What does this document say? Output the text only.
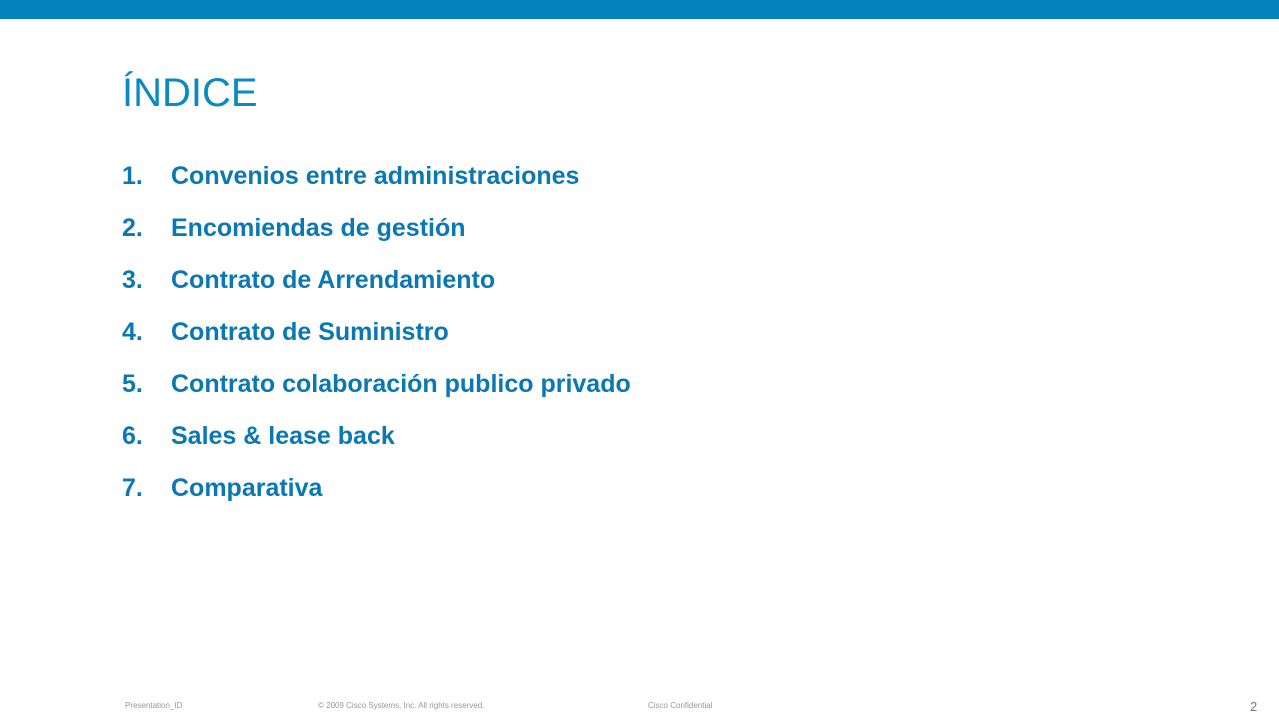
ÍNDICE
1. Convenios entre administraciones
2. Encomiendas de gestión
3. Contrato de Arrendamiento
4. Contrato de Suministro
5. Contrato colaboración publico privado
6. Sales & lease back
7. Comparativa
Presentation_ID	© 2009 Cisco Systems, Inc. All rights reserved.	Cisco Confidential	2
